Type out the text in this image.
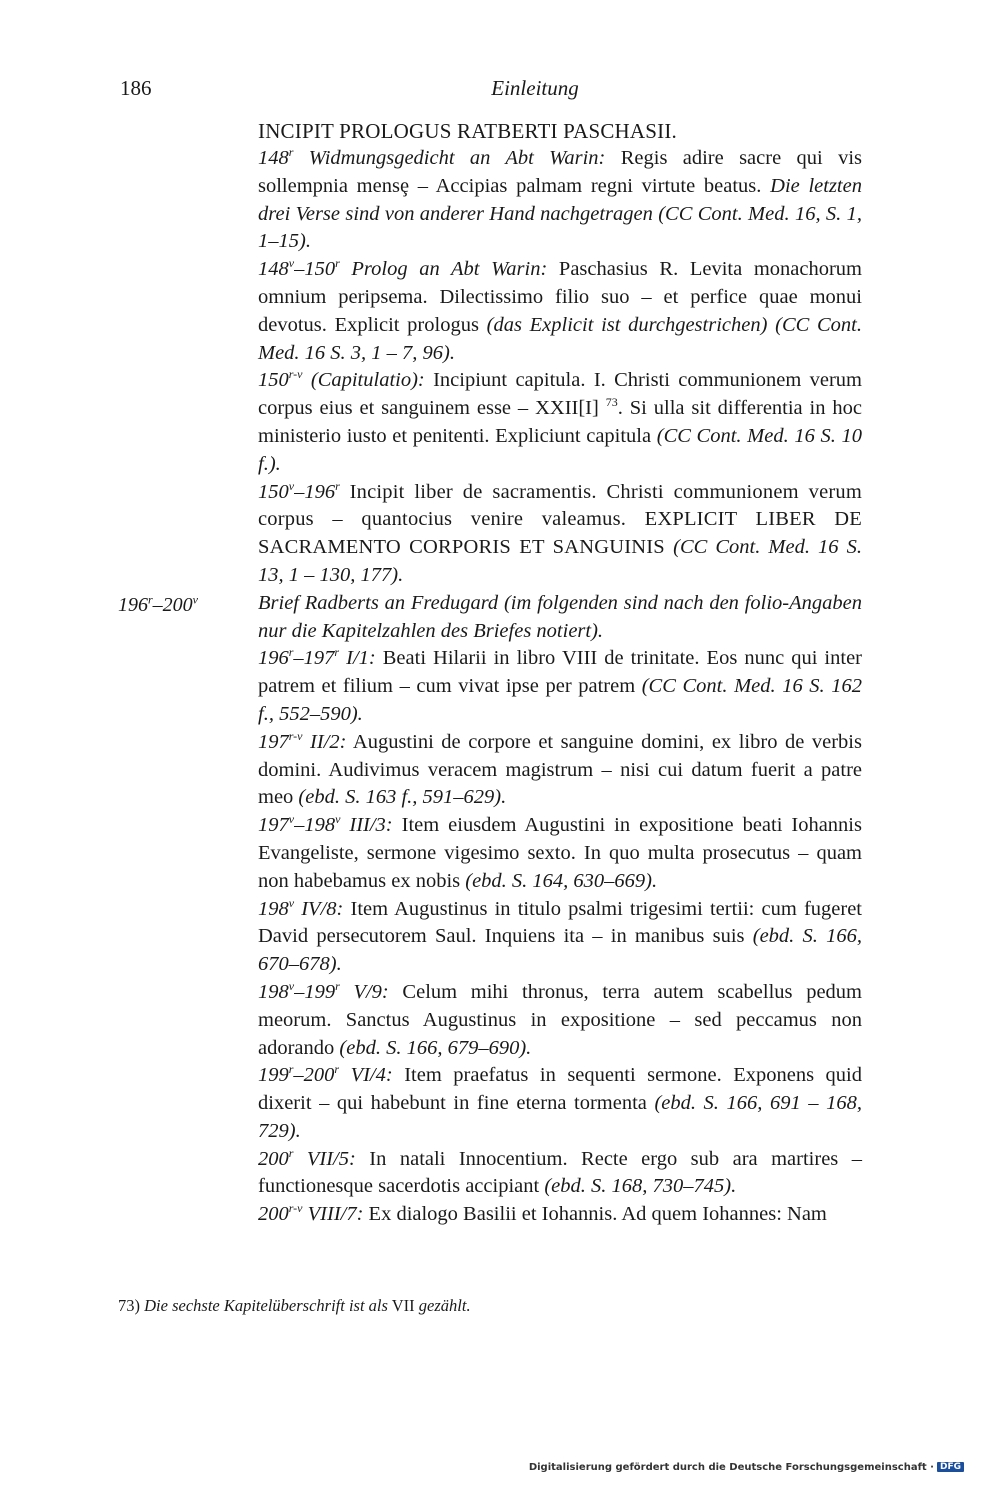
186	Einleitung
196$^r$–200$^v$

INCIPIT PROLOGUS RATBERTI PASCHASII.

148$^r$ Widmungsgedicht an Abt Warin: Regis adire sacre qui vis sollempnia mensȩ – Accipias palmam regni virtute beatus. Die letzten drei Verse sind von anderer Hand nachgetragen (CC Cont. Med. 16, S. 1, 1–15).

148$^v$–150$^r$ Prolog an Abt Warin: Paschasius R. Levita monachorum omnium peripsema. Dilectissimo filio suo – et perfice quae monui devotus. Explicit prologus (das Explicit ist durchgestrichen) (CC Cont. Med. 16 S. 3, 1 – 7, 96).

150$^{r-v}$ (Capitulatio): Incipiunt capitula. I. Christi communionem verum corpus eius et sanguinem esse – XXII[I] $^{73}$. Si ulla sit differentia in hoc ministerio iusto et penitenti. Expliciunt capitula (CC Cont. Med. 16 S. 10 f.).

150$^v$–196$^r$ Incipit liber de sacramentis. Christi communionem verum corpus – quantocius venire valeamus. EXPLICIT LIBER DE SACRAMENTO CORPORIS ET SANGUINIS (CC Cont. Med. 16 S. 13, 1 – 130, 177).

Brief Radberts an Fredugard (im folgenden sind nach den folio-Angaben nur die Kapitelzahlen des Briefes notiert).

196$^r$–197$^r$ I/1: Beati Hilarii in libro VIII de trinitate. Eos nunc qui inter patrem et filium – cum vivat ipse per patrem (CC Cont. Med. 16 S. 162 f., 552–590).

197$^{r-v}$ II/2: Augustini de corpore et sanguine domini, ex libro de verbis domini. Audivimus veracem magistrum – nisi cui datum fuerit a patre meo (ebd. S. 163 f., 591–629).

197$^v$–198$^v$ III/3: Item eiusdem Augustini in expositione beati Iohannis Evangeliste, sermone vigesimo sexto. In quo multa prosecutus – quam non habebamus ex nobis (ebd. S. 164, 630–669).

198$^v$ IV/8: Item Augustinus in titulo psalmi trigesimi tertii: cum fugeret David persecutorem Saul. Inquiens ita – in manibus suis (ebd. S. 166, 670–678).

198$^v$–199$^r$ V/9: Celum mihi thronus, terra autem scabellus pedum meorum. Sanctus Augustinus in expositione – sed peccamus non adorando (ebd. S. 166, 679–690).

199$^r$–200$^r$ VI/4: Item praefatus in sequenti sermone. Exponens quid dixerit – qui habebunt in fine eterna tormenta (ebd. S. 166, 691 – 168, 729).

200$^r$ VII/5: In natali Innocentium. Recte ergo sub ara martires – functionesque sacerdotis accipiant (ebd. S. 168, 730–745).

200$^{r-v}$ VIII/7: Ex dialogo Basilii et Iohannis. Ad quem Iohannes: Nam

73) Die sechste Kapitelüberschrift ist als VII gezählt.
Digitalisierung gefördert durch die Deutsche Forschungsgemeinschaft · DFG
